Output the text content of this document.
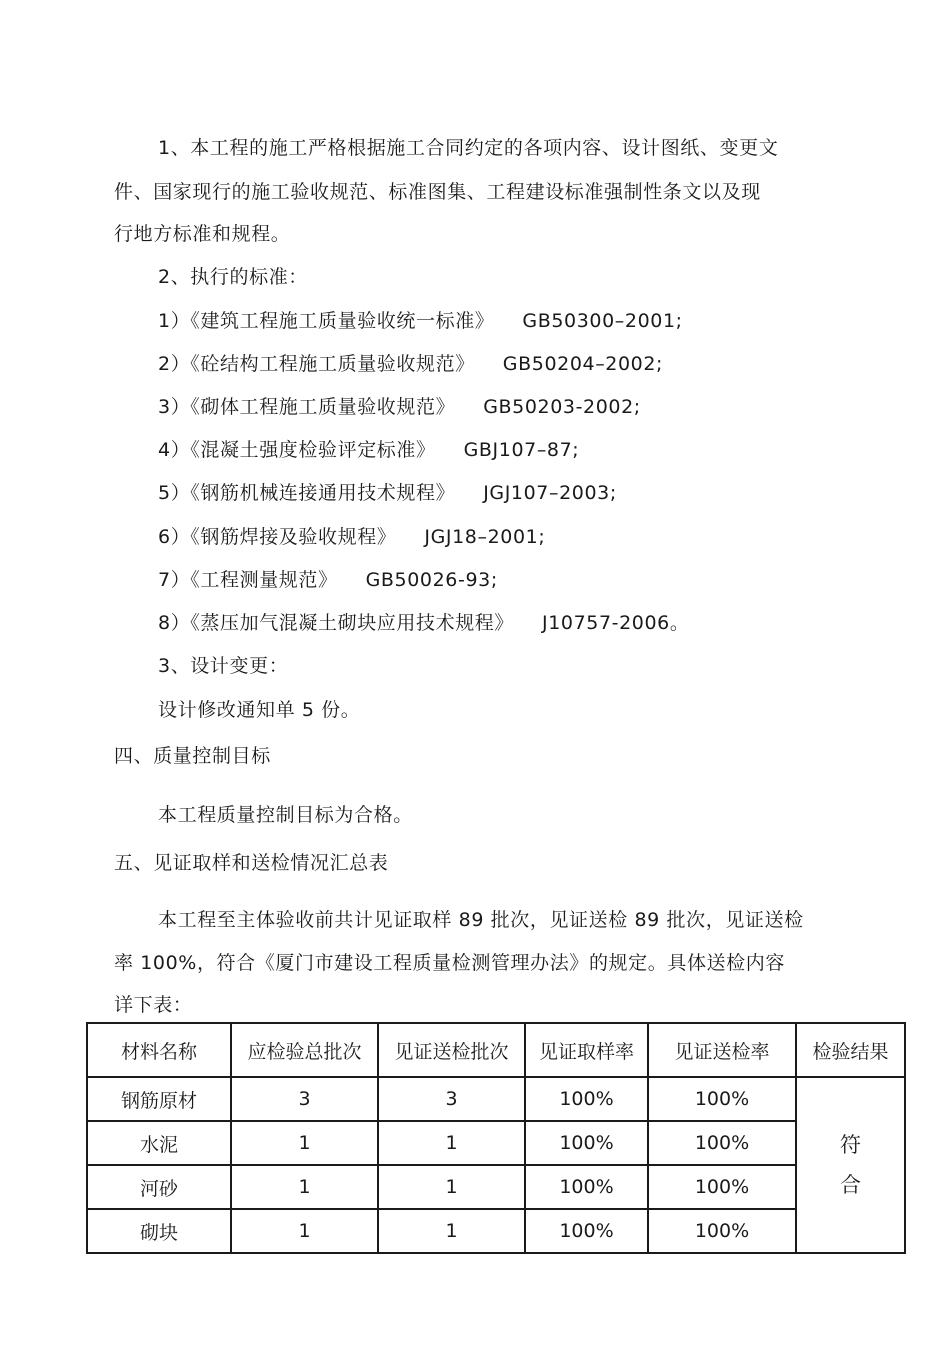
1、本工程的施工严格根据施工合同约定的各项内容、设计图纸、变更文
件、国家现行的施工验收规范、标准图集、工程建设标准强制性条文以及现
行地方标准和规程。
2、执行的标准：
1）《建筑工程施工质量验收统一标准》 GB50300–2001;
2）《砼结构工程施工质量验收规范》 GB50204–2002;
3）《砌体工程施工质量验收规范》 GB50203-2002;
4）《混凝土强度检验评定标准》 GBJ107–87;
5）《钢筋机械连接通用技术规程》 JGJ107–2003;
6）《钢筋焊接及验收规程》 JGJ18–2001;
7）《工程测量规范》 GB50026-93;
8）《蒸压加气混凝土砌块应用技术规程》 J10757-2006。
3、设计变更：
设计修改通知单 5 份。
四、质量控制目标
本工程质量控制目标为合格。
五、见证取样和送检情况汇总表
本工程至主体验收前共计见证取样 89 批次，见证送检 89 批次，见证送检
率 100%，符合《厦门市建设工程质量检测管理办法》的规定。具体送检内容
详下表：
材料名称	应检验总批次	见证送检批次	见证取样率	见证送检率	检验结果
钢筋原材	3	3	100%	100%	符
合

水泥	1	1	100%	100%	
河砂	1	1	100%	100%	
砌块	1	1	100%	100%	
